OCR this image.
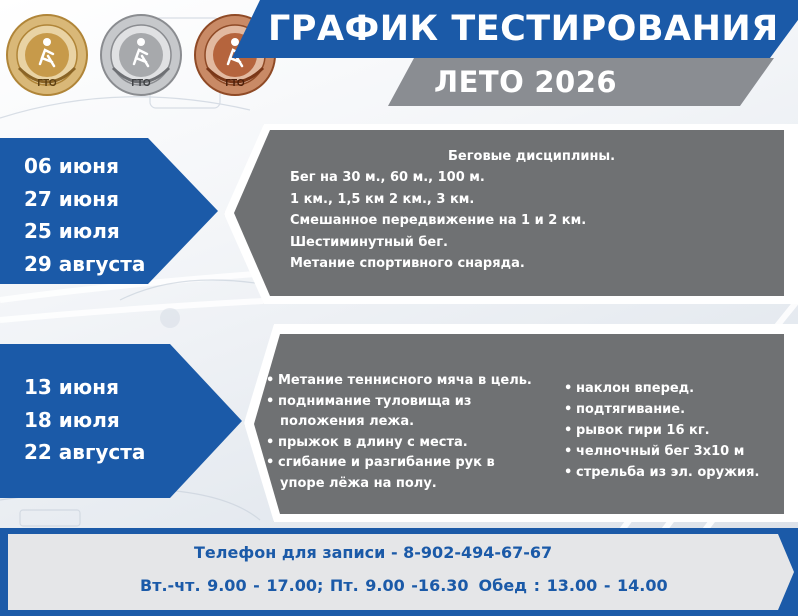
ГТО	ГТО	ГТО
ГРАФИК ТЕСТИРОВАНИЯ
ЛЕТО 2026
06 июня
27 июня
25 июля
29 августа
Беговые дисциплины.
Бег на 30 м., 60 м., 100 м.
1 км., 1,5 км 2 км., 3 км.
Смешанное передвижение на 1 и 2 км.
Шестиминутный бег.
Метание спортивного снаряда.
13 июня
18 июля
22 августа
• Метание теннисного мяча в цель.
• поднимание туловища из
положения лежа.
• прыжок в длину с места.
• сгибание и разгибание рук в
упоре лёжа на полу.
• наклон вперед.
• подтягивание.
• рывок гири 16 кг.
• челночный бег 3х10 м
• стрельба из эл. оружия.
Телефон для записи - 8-902-494-67-67
Вт.-чт. 9.00 - 17.00; Пт. 9.00 -16.30 Обед : 13.00 - 14.00
